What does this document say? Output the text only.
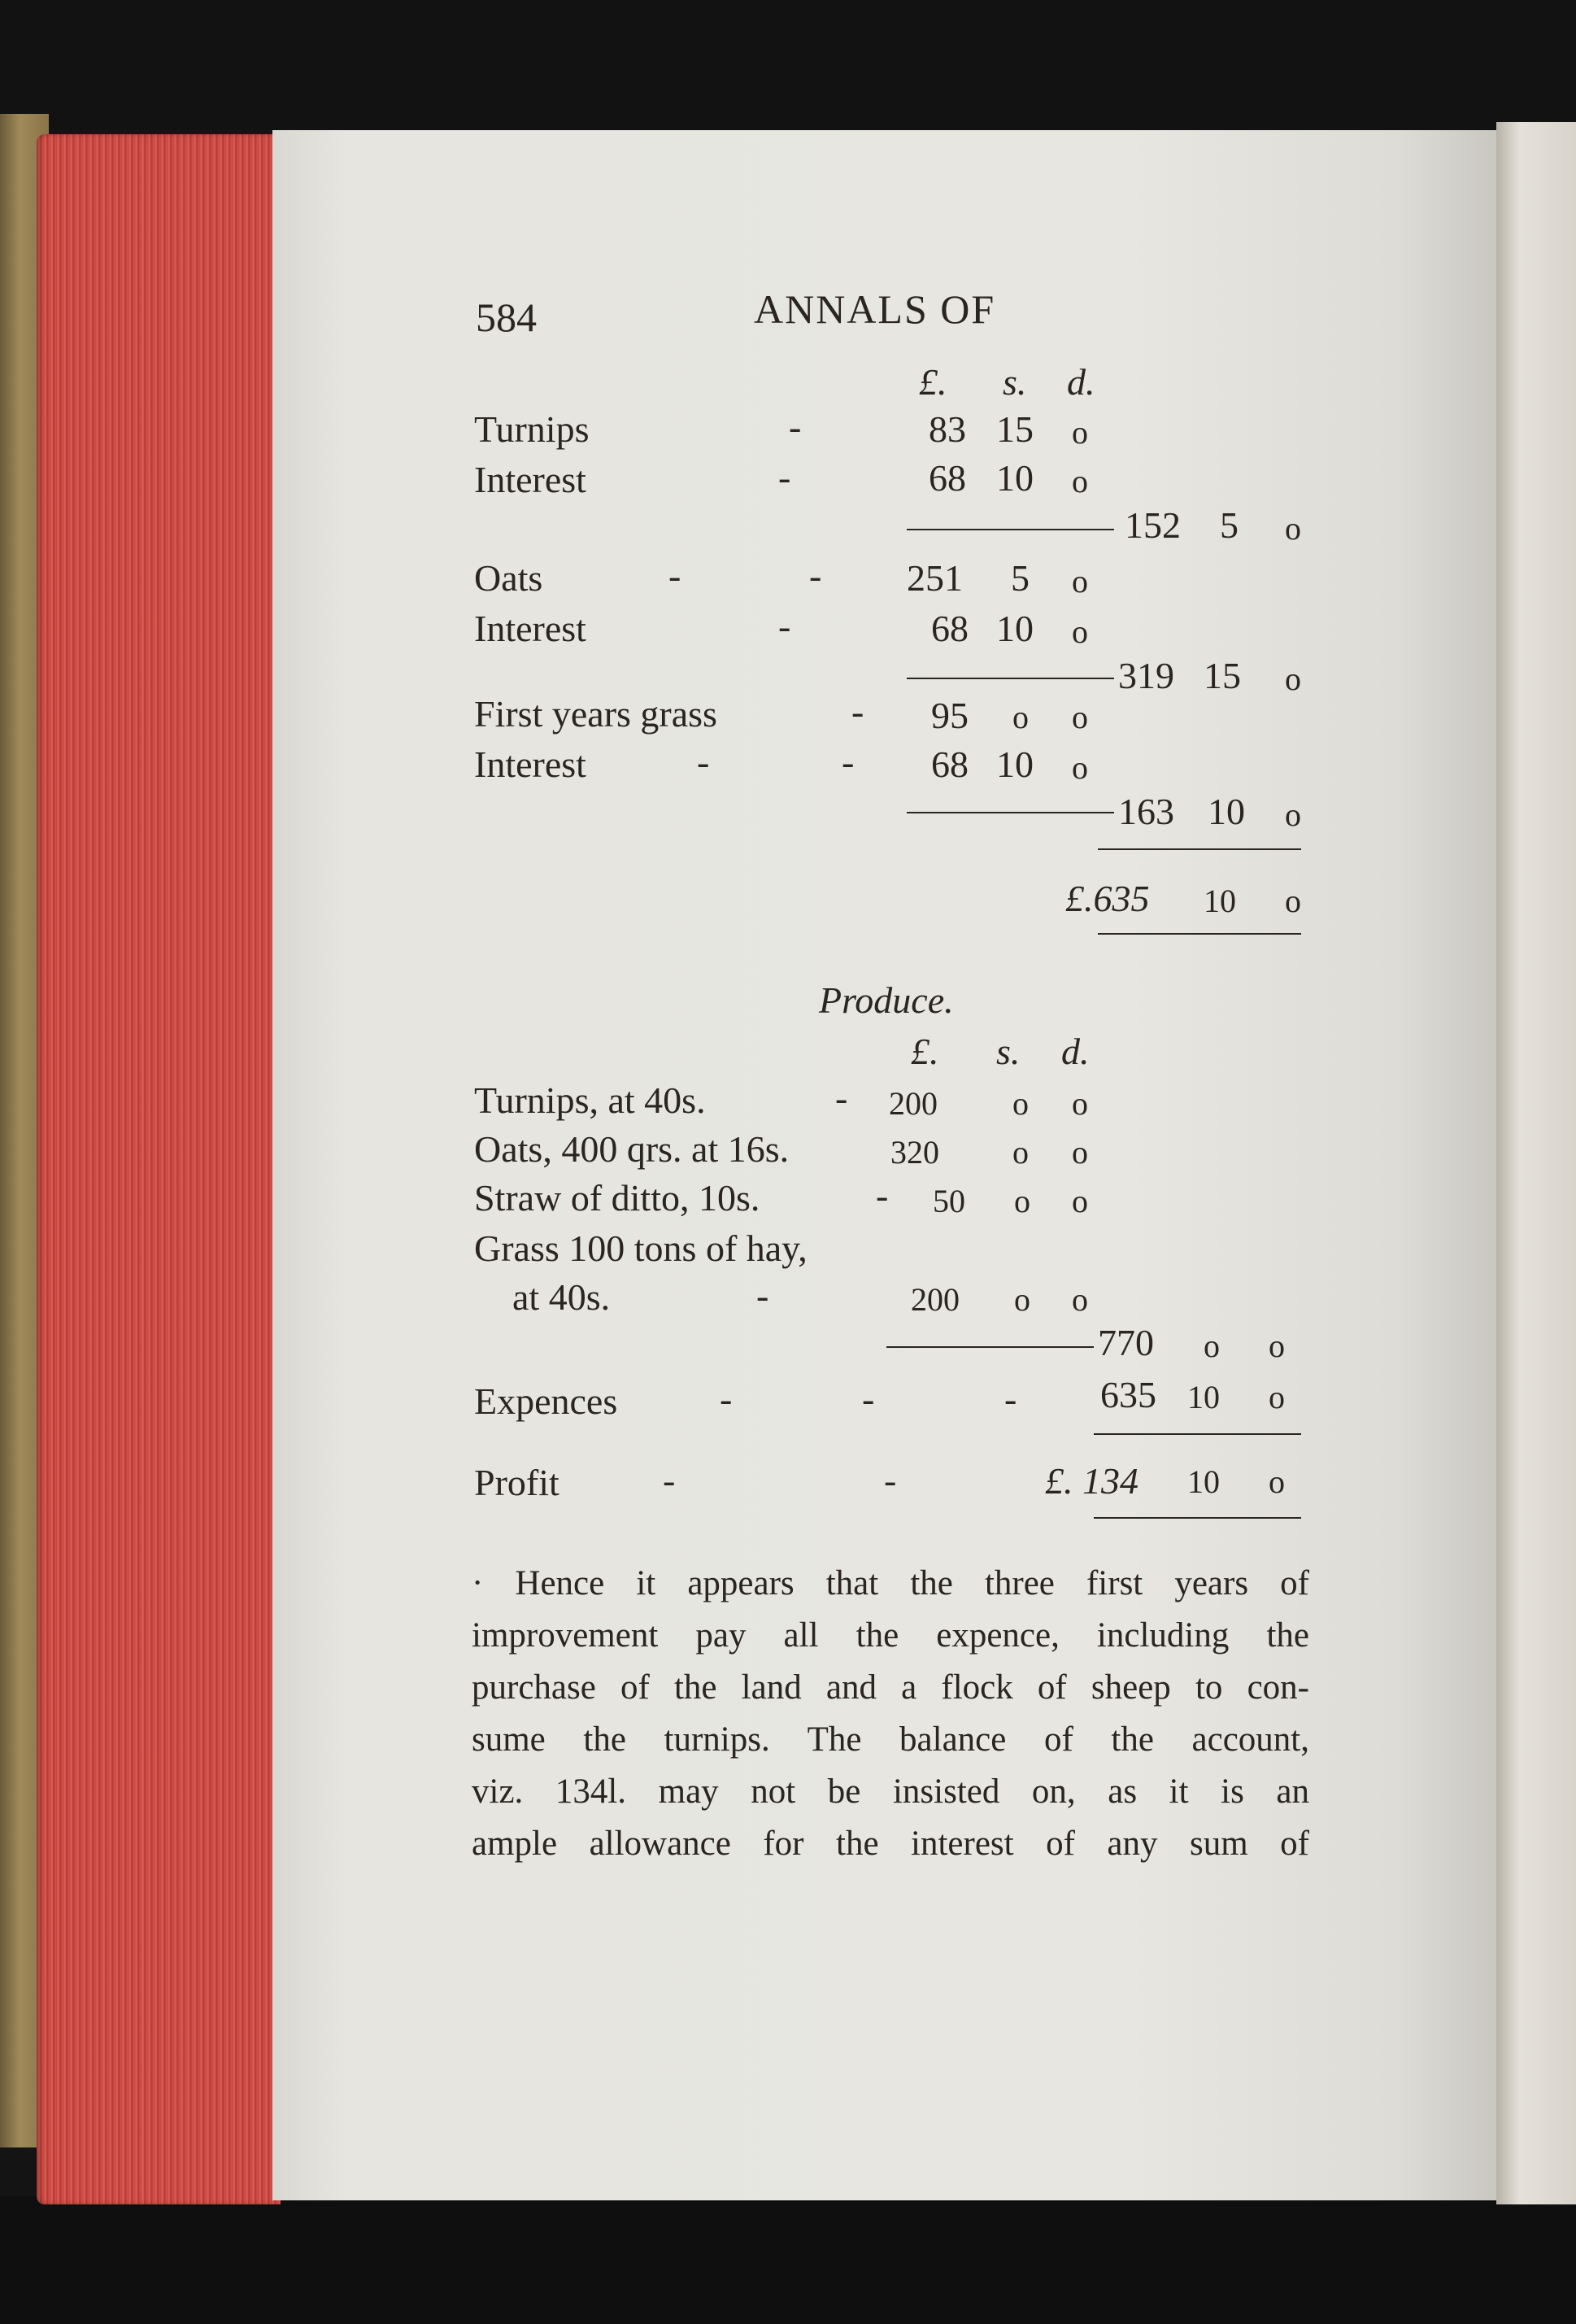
584	ANNALS OF
£. s. d.
Turnips	-	83 15 o
Interest	-	68 10 o
152 5 o
Oats	-	- 251 5 o
Interest	-	68 10 o
319 15 o
First years grass	- 95 o o
Interest	-	- 68 10 o
163 10 o
£.635 10 o
Produce.
£. s. d.
Turnips, at 40s.	- 200 o o
Oats, 400 qrs. at 16s.	320 o o
Straw of ditto, 10s.	- 50 o o
Grass 100 tons of hay,
at 40s.	-	200 o o
770 o o
Expences	-	-	- 635 10 o
Profit	-	-	£. 134 10 o
· Hence it appears that the three first years of
improvement pay all the expence, including the
purchase of the land and a flock of sheep to con-
sume the turnips. The balance of the account,
viz. 134l. may not be insisted on, as it is an
ample allowance for the interest of any sum of
